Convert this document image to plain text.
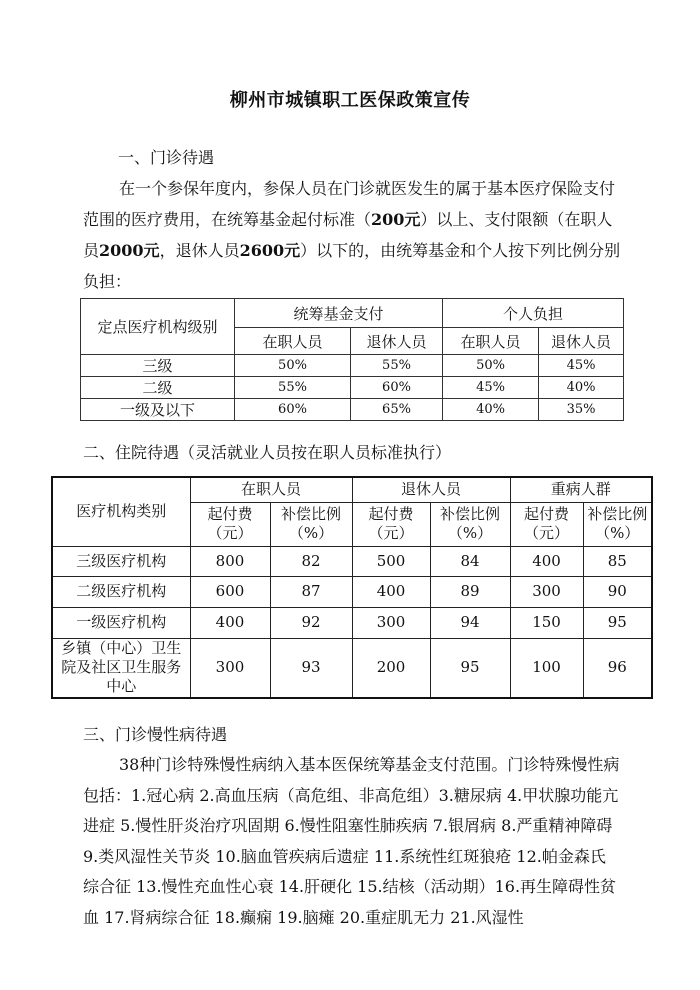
柳州市城镇职工医保政策宣传
一、门诊待遇
在一个参保年度内，参保人员在门诊就医发生的属于基本医疗保险支付范围的医疗费用，在统筹基金起付标准（200元）以上、支付限额（在职人员2000元，退休人员2600元）以下的，由统筹基金和个人按下列比例分别负担：
定点医疗机构级别	统筹基金支付		个人负担	
	在职人员	退休人员	在职人员	退休人员
三级	50%	55%	50%	45%
二级	55%	60%	45%	40%
一级及以下	60%	65%	40%	35%
二、住院待遇（灵活就业人员按在职人员标准执行）
医疗机构类别	在职人员		退休人员		重病人群	
	起付费（元）	补偿比例（%）	起付费（元）	补偿比例（%）	起付费（元）	补偿比例（%）
三级医疗机构	800	82	500	84	400	85
二级医疗机构	600	87	400	89	300	90
一级医疗机构	400	92	300	94	150	95
乡镇（中心）卫生院及社区卫生服务中心	300	93	200	95	100	96
三、门诊慢性病待遇
38种门诊特殊慢性病纳入基本医保统筹基金支付范围。门诊特殊慢性病包括：1.冠心病 2.高血压病（高危组、非高危组）3.糖尿病 4.甲状腺功能亢进症 5.慢性肝炎治疗巩固期 6.慢性阻塞性肺疾病 7.银屑病 8.严重精神障碍 9.类风湿性关节炎 10.脑血管疾病后遗症 11.系统性红斑狼疮 12.帕金森氏综合征 13.慢性充血性心衰 14.肝硬化 15.结核（活动期）16.再生障碍性贫血 17.肾病综合征 18.癫痫 19.脑瘫 20.重症肌无力 21.风湿性
